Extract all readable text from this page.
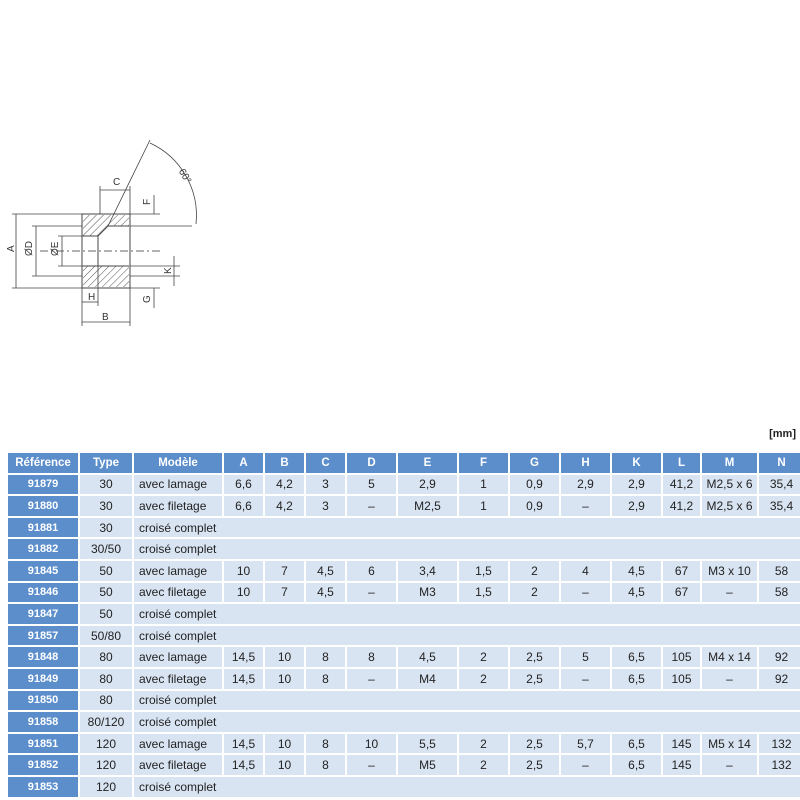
60°
A ØD ØE
C
F
K
G
H
B
[mm]
Référence	Type	Modèle	A	B	C	D	E	F	G	H	K	L	M	N
91879	30	avec lamage	6,6	4,2	3	5	2,9	1	0,9	2,9	2,9	41,2	M2,5 x 6	35,4
91880	30	avec filetage	6,6	4,2	3	–	M2,5	1	0,9	–	2,9	41,2	M2,5 x 6	35,4
91881	30	croisé complet												
91882	30/50	croisé complet												
91845	50	avec lamage	10	7	4,5	6	3,4	1,5	2	4	4,5	67	M3 x 10	58
91846	50	avec filetage	10	7	4,5	–	M3	1,5	2	–	4,5	67	–	58
91847	50	croisé complet												
91857	50/80	croisé complet												
91848	80	avec lamage	14,5	10	8	8	4,5	2	2,5	5	6,5	105	M4 x 14	92
91849	80	avec filetage	14,5	10	8	–	M4	2	2,5	–	6,5	105	–	92
91850	80	croisé complet												
91858	80/120	croisé complet												
91851	120	avec lamage	14,5	10	8	10	5,5	2	2,5	5,7	6,5	145	M5 x 14	132
91852	120	avec filetage	14,5	10	8	–	M5	2	2,5	–	6,5	145	–	132
91853	120	croisé complet												
